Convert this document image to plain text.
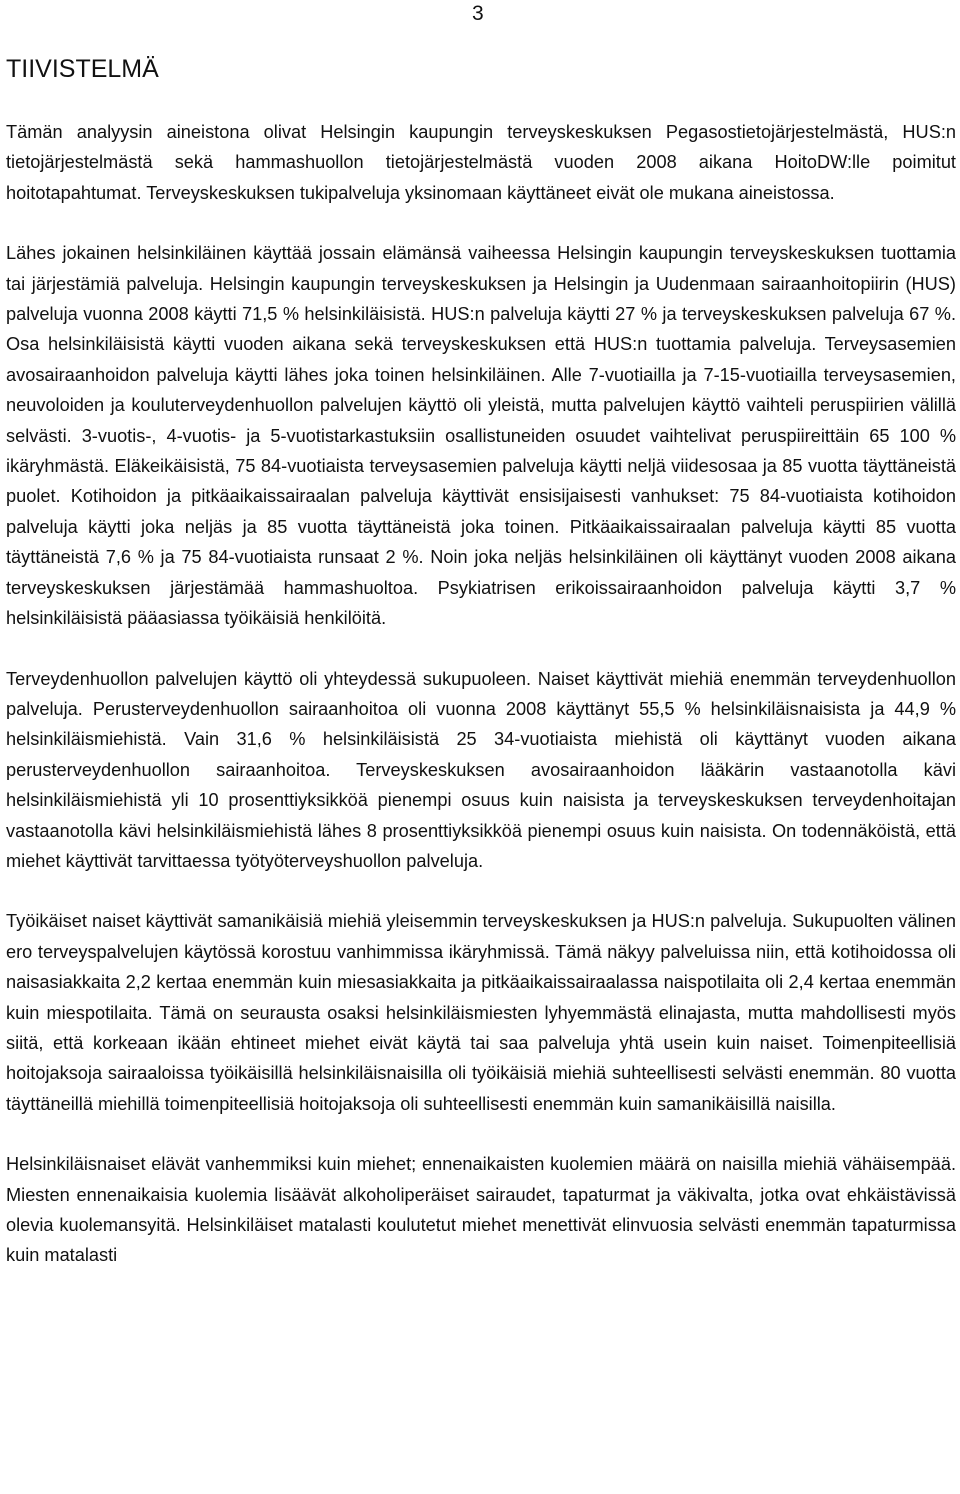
3
TIIVISTELMÄ

Tämän analyysin aineistona olivat Helsingin kaupungin terveyskeskuksen Pegasostietojärjestelmästä, HUS:n tietojärjestelmästä sekä hammashuollon tietojärjestelmästä vuoden 2008 aikana HoitoDW:lle poimitut hoitotapahtumat. Terveyskeskuksen tukipalveluja yksinomaan käyttäneet eivät ole mukana aineistossa.

Lähes jokainen helsinkiläinen käyttää jossain elämänsä vaiheessa Helsingin kaupungin terveyskeskuksen tuottamia tai järjestämiä palveluja. Helsingin kaupungin terveyskeskuksen ja Helsingin ja Uudenmaan sairaanhoitopiirin (HUS) palveluja vuonna 2008 käytti 71,5 % helsinkiläisistä. HUS:n palveluja käytti 27 % ja terveyskeskuksen palveluja 67 %. Osa helsinkiläisistä käytti vuoden aikana sekä terveyskeskuksen että HUS:n tuottamia palveluja. Terveysasemien avosairaanhoidon palveluja käytti lähes joka toinen helsinkiläinen. Alle 7-vuotiailla ja 7-15-vuotiailla terveysasemien, neuvoloiden ja kouluterveydenhuollon palvelujen käyttö oli yleistä, mutta palvelujen käyttö vaihteli peruspiirien välillä selvästi. 3-vuotis-, 4-vuotis- ja 5-vuotistarkastuksiin osallistuneiden osuudet vaihtelivat peruspiireittäin 65 100 % ikäryhmästä. Eläkeikäisistä, 75 84-vuotiaista terveysasemien palveluja käytti neljä viidesosaa ja 85 vuotta täyttäneistä puolet. Kotihoidon ja pitkäaikaissairaalan palveluja käyttivät ensisijaisesti vanhukset: 75 84-vuotiaista kotihoidon palveluja käytti joka neljäs ja 85 vuotta täyttäneistä joka toinen. Pitkäaikaissairaalan palveluja käytti 85 vuotta täyttäneistä 7,6 % ja 75 84-vuotiaista runsaat 2 %. Noin joka neljäs helsinkiläinen oli käyttänyt vuoden 2008 aikana terveyskeskuksen järjestämää hammashuoltoa. Psykiatrisen erikoissairaanhoidon palveluja käytti 3,7 % helsinkiläisistä pääasiassa työikäisiä henkilöitä.

Terveydenhuollon palvelujen käyttö oli yhteydessä sukupuoleen. Naiset käyttivät miehiä enemmän terveydenhuollon palveluja. Perusterveydenhuollon sairaanhoitoa oli vuonna 2008 käyttänyt 55,5 % helsinkiläisnaisista ja 44,9 % helsinkiläismiehistä. Vain 31,6 % helsinkiläisistä 25 34-vuotiaista miehistä oli käyttänyt vuoden aikana perusterveydenhuollon sairaanhoitoa. Terveyskeskuksen avosairaanhoidon lääkärin vastaanotolla kävi helsinkiläismiehistä yli 10 prosenttiyksikköä pienempi osuus kuin naisista ja terveyskeskuksen terveydenhoitajan vastaanotolla kävi helsinkiläismiehistä lähes 8 prosenttiyksikköä pienempi osuus kuin naisista. On todennäköistä, että miehet käyttivät tarvittaessa työtyöterveyshuollon palveluja.

Työikäiset naiset käyttivät samanikäisiä miehiä yleisemmin terveyskeskuksen ja HUS:n palveluja. Sukupuolten välinen ero terveyspalvelujen käytössä korostuu vanhimmissa ikäryhmissä. Tämä näkyy palveluissa niin, että kotihoidossa oli naisasiakkaita 2,2 kertaa enemmän kuin miesasiakkaita ja pitkäaikaissairaalassa naispotilaita oli 2,4 kertaa enemmän kuin miespotilaita. Tämä on seurausta osaksi helsinkiläismiesten lyhyemmästä elinajasta, mutta mahdollisesti myös siitä, että korkeaan ikään ehtineet miehet eivät käytä tai saa palveluja yhtä usein kuin naiset. Toimenpiteellisiä hoitojaksoja sairaaloissa työikäisillä helsinkiläisnaisilla oli työikäisiä miehiä suhteellisesti selvästi enemmän. 80 vuotta täyttäneillä miehillä toimenpiteellisiä hoitojaksoja oli suhteellisesti enemmän kuin samanikäisillä naisilla.

Helsinkiläisnaiset elävät vanhemmiksi kuin miehet; ennenaikaisten kuolemien määrä on naisilla miehiä vähäisempää. Miesten ennenaikaisia kuolemia lisäävät alkoholiperäiset sairaudet, tapaturmat ja väkivalta, jotka ovat ehkäistävissä olevia kuolemansyitä. Helsinkiläiset matalasti koulutetut miehet menettivät elinvuosia selvästi enemmän tapaturmissa kuin matalasti
